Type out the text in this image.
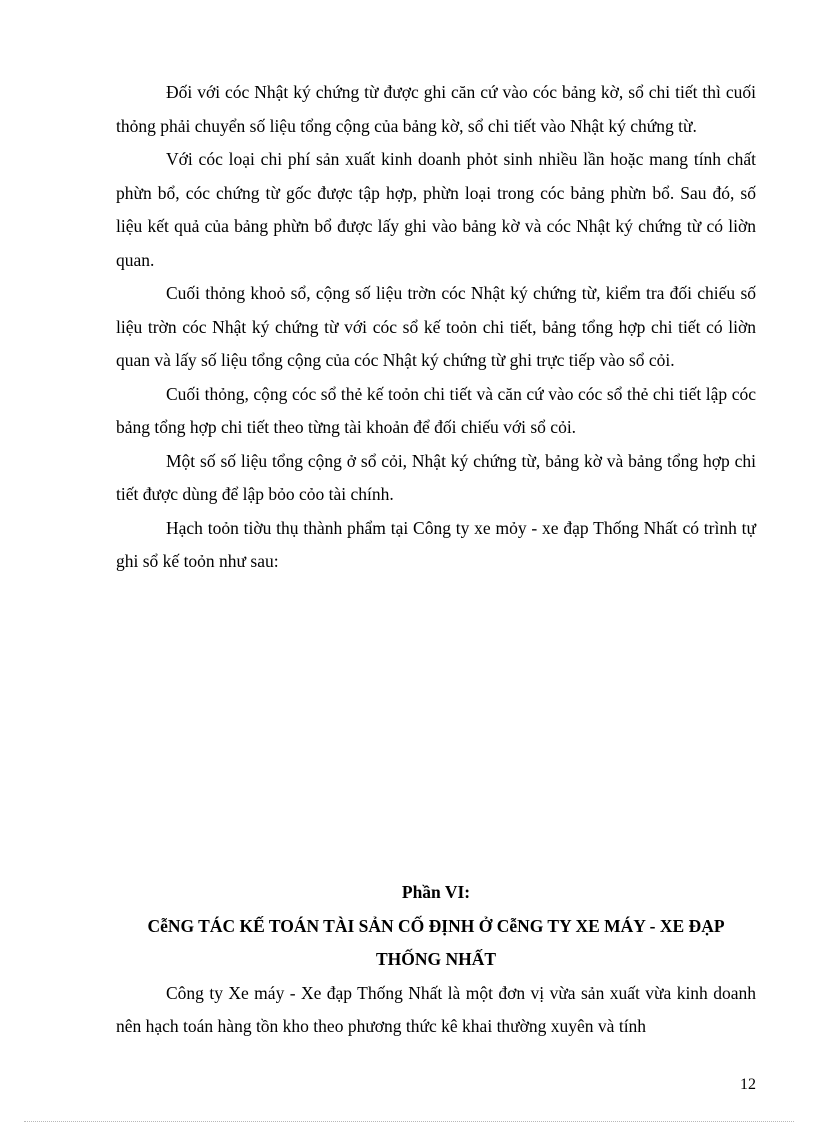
Đối với cóc Nhật ký chứng từ được ghi căn cứ vào cóc bảng kờ, sổ chi tiết thì cuối thỏng phải chuyển số liệu tổng cộng của bảng kờ, sổ chi tiết vào Nhật ký chứng từ.

Với cóc loại chi phí sản xuất kinh doanh phỏt sinh nhiều lần hoặc mang tính chất phừn bổ, cóc chứng từ gốc được tập hợp, phừn loại trong cóc bảng phừn bổ. Sau đó, số liệu kết quả của bảng phừn bổ được lấy ghi vào bảng kờ và cóc Nhật ký chứng từ có liờn quan.

Cuối thỏng khoỏ sổ, cộng số liệu trờn cóc Nhật ký chứng từ, kiểm tra đối chiếu số liệu trờn cóc Nhật ký chứng từ với cóc sổ kế toỏn chi tiết, bảng tổng hợp chi tiết có liờn quan và lấy số liệu tổng cộng của cóc Nhật ký chứng từ ghi trực tiếp vào sổ cỏi.

Cuối thỏng, cộng cóc sổ thẻ kế toỏn chi tiết và căn cứ vào cóc sổ thẻ chi tiết lập cóc bảng tổng hợp chi tiết theo từng tài khoản để đối chiếu với sổ cỏi.

Một số số liệu tổng cộng ở sổ cỏi, Nhật ký chứng từ, bảng kờ và bảng tổng hợp chi tiết được dùng để lập bỏo cỏo tài chính.

Hạch toỏn tiờu thụ thành phẩm tại Công ty xe mỏy - xe đạp Thống Nhất có trình tự ghi sổ kế toỏn như sau:

Phần VI:

CễNG TÁC KẾ TOÁN TÀI SẢN CỐ ĐỊNH Ở CễNG TY XE MÁY - XE ĐẠP THỐNG NHẤT

Công ty Xe máy - Xe đạp Thống Nhất là một đơn vị vừa sản xuất vừa kinh doanh nên hạch toán hàng tồn kho theo phương thức kê khai thường xuyên và tính

12
